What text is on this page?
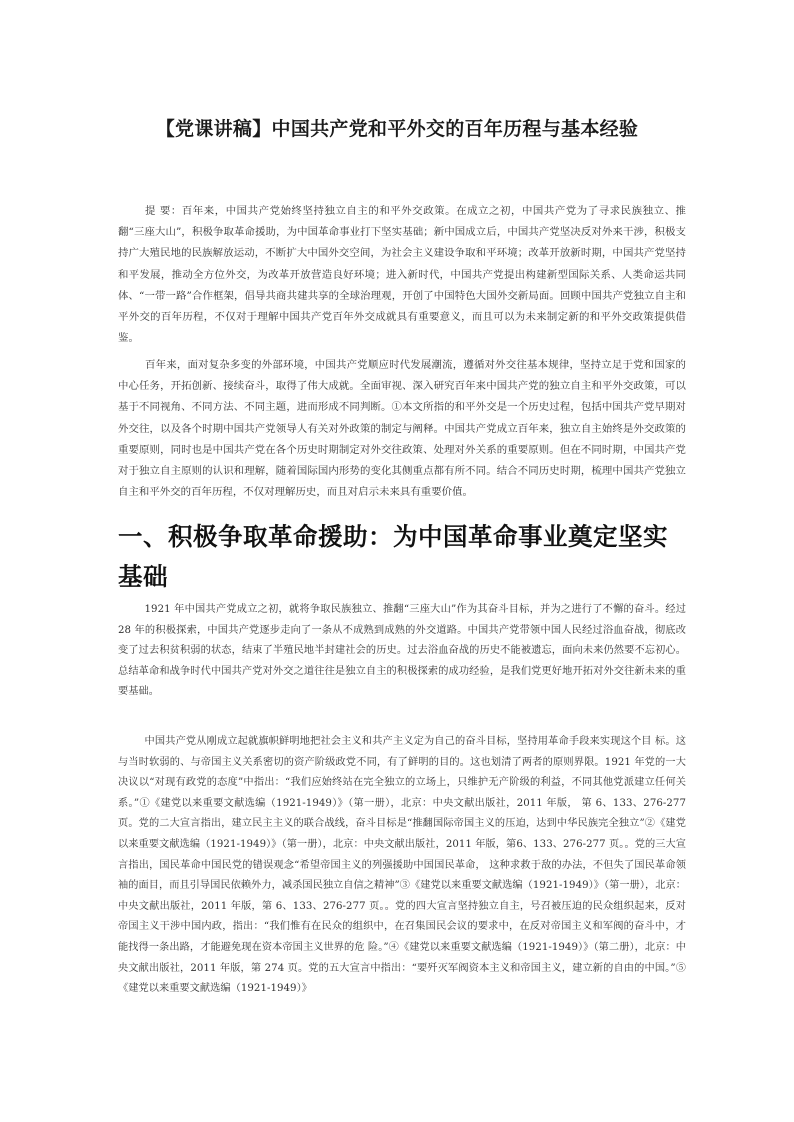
【党课讲稿】中国共产党和平外交的百年历程与基本经验

提 要：百年来，中国共产党始终坚持独立自主的和平外交政策。在成立之初，中国共产党为了寻求民族独立、推翻“三座大山”，积极争取革命援助，为中国革命事业打下坚实基础；新中国成立后，中国共产党坚决反对外来干涉，积极支持广大殖民地的民族解放运动，不断扩大中国外交空间，为社会主义建设争取和平环境；改革开放新时期，中国共产党坚持和平发展，推动全方位外交，为改革开放营造良好环境；进入新时代，中国共产党提出构建新型国际关系、人类命运共同体、“一带一路”合作框架，倡导共商共建共享的全球治理观，开创了中国特色大国外交新局面。回顾中国共产党独立自主和平外交的百年历程，不仅对于理解中国共产党百年外交成就具有重要意义，而且可以为未来制定新的和平外交政策提供借鉴。

百年来，面对复杂多变的外部环境，中国共产党顺应时代发展潮流，遵循对外交往基本规律，坚持立足于党和国家的中心任务，开拓创新、接续奋斗，取得了伟大成就。全面审视、深入研究百年来中国共产党的独立自主和平外交政策，可以基于不同视角、不同方法、不同主题，进而形成不同判断。①本文所指的和平外交是一个历史过程，包括中国共产党早期对外交往，以及各个时期中国共产党领导人有关对外政策的制定与阐释。中国共产党成立百年来，独立自主始终是外交政策的重要原则，同时也是中国共产党在各个历史时期制定对外交往政策、处理对外关系的重要原则。但在不同时期，中国共产党对于独立自主原则的认识和理解，随着国际国内形势的变化其侧重点都有所不同。结合不同历史时期，梳理中国共产党独立自主和平外交的百年历程，不仅对理解历史，而且对启示未来具有重要价值。

一、积极争取革命援助：为中国革命事业奠定坚实基础

1921 年中国共产党成立之初，就将争取民族独立、推翻“三座大山”作为其奋斗目标，并为之进行了不懈的奋斗。经过 28 年的积极探索，中国共产党逐步走向了一条从不成熟到成熟的外交道路。中国共产党带领中国人民经过浴血奋战，彻底改变了过去积贫积弱的状态，结束了半殖民地半封建社会的历史。过去浴血奋战的历史不能被遗忘，面向未来仍然要不忘初心。总结革命和战争时代中国共产党对外交之道往往是独立自主的积极探索的成功经验，是我们党更好地开拓对外交往新未来的重要基础。

中国共产党从刚成立起就旗帜鲜明地把社会主义和共产主义定为自己的奋斗目标，坚持用革命手段来实现这个目 标。这与当时软弱的、与帝国主义关系密切的资产阶级政党不同，有了鲜明的目的。这也划清了两者的原则界限。1921 年党的一大决议以“对现有政党的态度”中指出：“我们应始终站在完全独立的立场上，只维护无产阶级的利益，不同其他党派建立任何关系。”①《建党以来重要文献选编（1921-1949）》（第一册），北京：中央文献出版社，2011 年版， 第 6、133、276-277 页。党的二大宣言指出，建立民主主义的联合战线，奋斗目标是“推翻国际帝国主义的压迫，达到中华民族完全独立”②《建党以来重要文献选编（1921-1949）》（第一册），北京：中央文献出版社，2011 年版，第6、133、276-277 页。。党的三大宣言指出，国民革命中国民党的错误观念“希望帝国主义的列强援助中国国民革命， 这种求救于敌的办法，不但失了国民革命领袖的面目，而且引导国民依赖外力，减杀国民独立自信之精神”③《建党以来重要文献选编（1921-1949）》（第一册），北京：中央文献出版社，2011 年版，第 6、133、276-277 页。。党的四大宣言坚持独立自主，号召被压迫的民众组织起来，反对帝国主义干涉中国内政，指出：“我们惟有在民众的组织中，在召集国民会议的要求中，在反对帝国主义和军阀的奋斗中，才能找得一条出路，才能避免现在资本帝国主义世界的危 险。”④《建党以来重要文献选编（1921-1949）》（第二册），北京：中央文献出版社，2011 年版，第 274 页。党的五大宣言中指出：“要歼灭军阀资本主义和帝国主义，建立新的自由的中国。”⑤《建党以来重要文献选编（1921-1949）》
